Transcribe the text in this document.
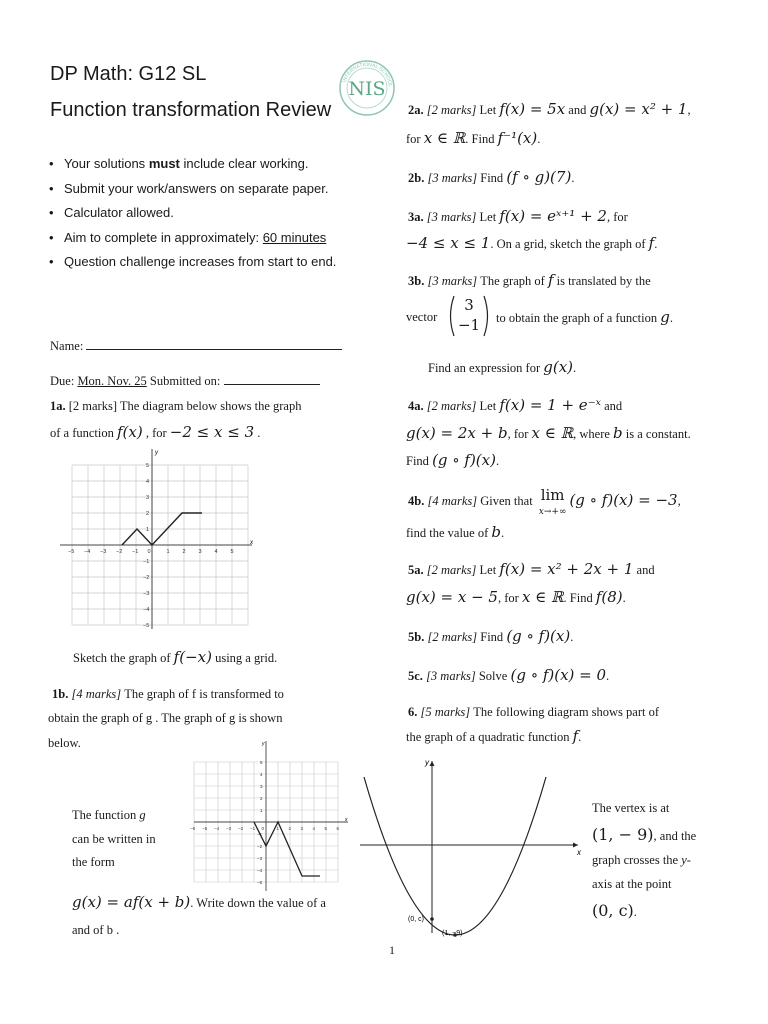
DP Math: G12 SL
Function transformation Review
NIS
INTERNATIONAL SCHOOL
• Your solutions must include clear working.
• Submit your work/answers on separate paper.
• Calculator allowed.
• Aim to complete in approximately: 60 minutes
• Question challenge increases from start to end.
Name:
Due: Mon. Nov. 25 Submitted on:
1a. [2 marks] The diagram below shows the graph
of a function f(x) , for −2 ≤ x ≤ 3 .
x
y
−5 −4 −3 −2 −1 0	1 2 3 4 5
5
4
3
2
1
−1
−2
−3
−4
−5
Sketch the graph of f(−x) using a grid.
1b. [4 marks] The graph of f is transformed to
obtain the graph of g . The graph of g is shown
below.
x
y
−6 −5 −4 −3 −2 −1 0	1 2 3 4 5 6
5
4
3
2
1
−1
−2
−3
−4
−5
The function g
can be written in
the form
g(x) = af(x + b). Write down the value of a
and of b .
2a. [2 marks] Let f(x) = 5x and g(x) = x² + 1,
for x ∈ ℝ. Find f⁻¹(x).
2b. [3 marks] Find (f ∘ g)(7).
3a. [3 marks] Let f(x) = eˣ⁺¹ + 2, for
−4 ≤ x ≤ 1. On a grid, sketch the graph of f.
3b. [3 marks] The graph of f is translated by the
vector
3
−1	to obtain the graph of a function g.
Find an expression for g(x).
4a. [2 marks] Let f(x) = 1 + e⁻ˣ and
g(x) = 2x + b, for x ∈ ℝ, where b is a constant.
Find (g ∘ f)(x).
4b. [4 marks] Given that lim
x→+∞(g ∘ f)(x) = −3,
find the value of b.
5a. [2 marks] Let f(x) = x² + 2x + 1 and
g(x) = x − 5, for x ∈ ℝ. Find f(8).
5b. [2 marks] Find (g ∘ f)(x).
5c. [3 marks] Solve (g ∘ f)(x) = 0.
6. [5 marks] The following diagram shows part of
the graph of a quadratic function f.
x
y
(0, c)
(1, −9)
The vertex is at
(1, − 9), and the
graph crosses the y-
axis at the point
(0, c).
1
